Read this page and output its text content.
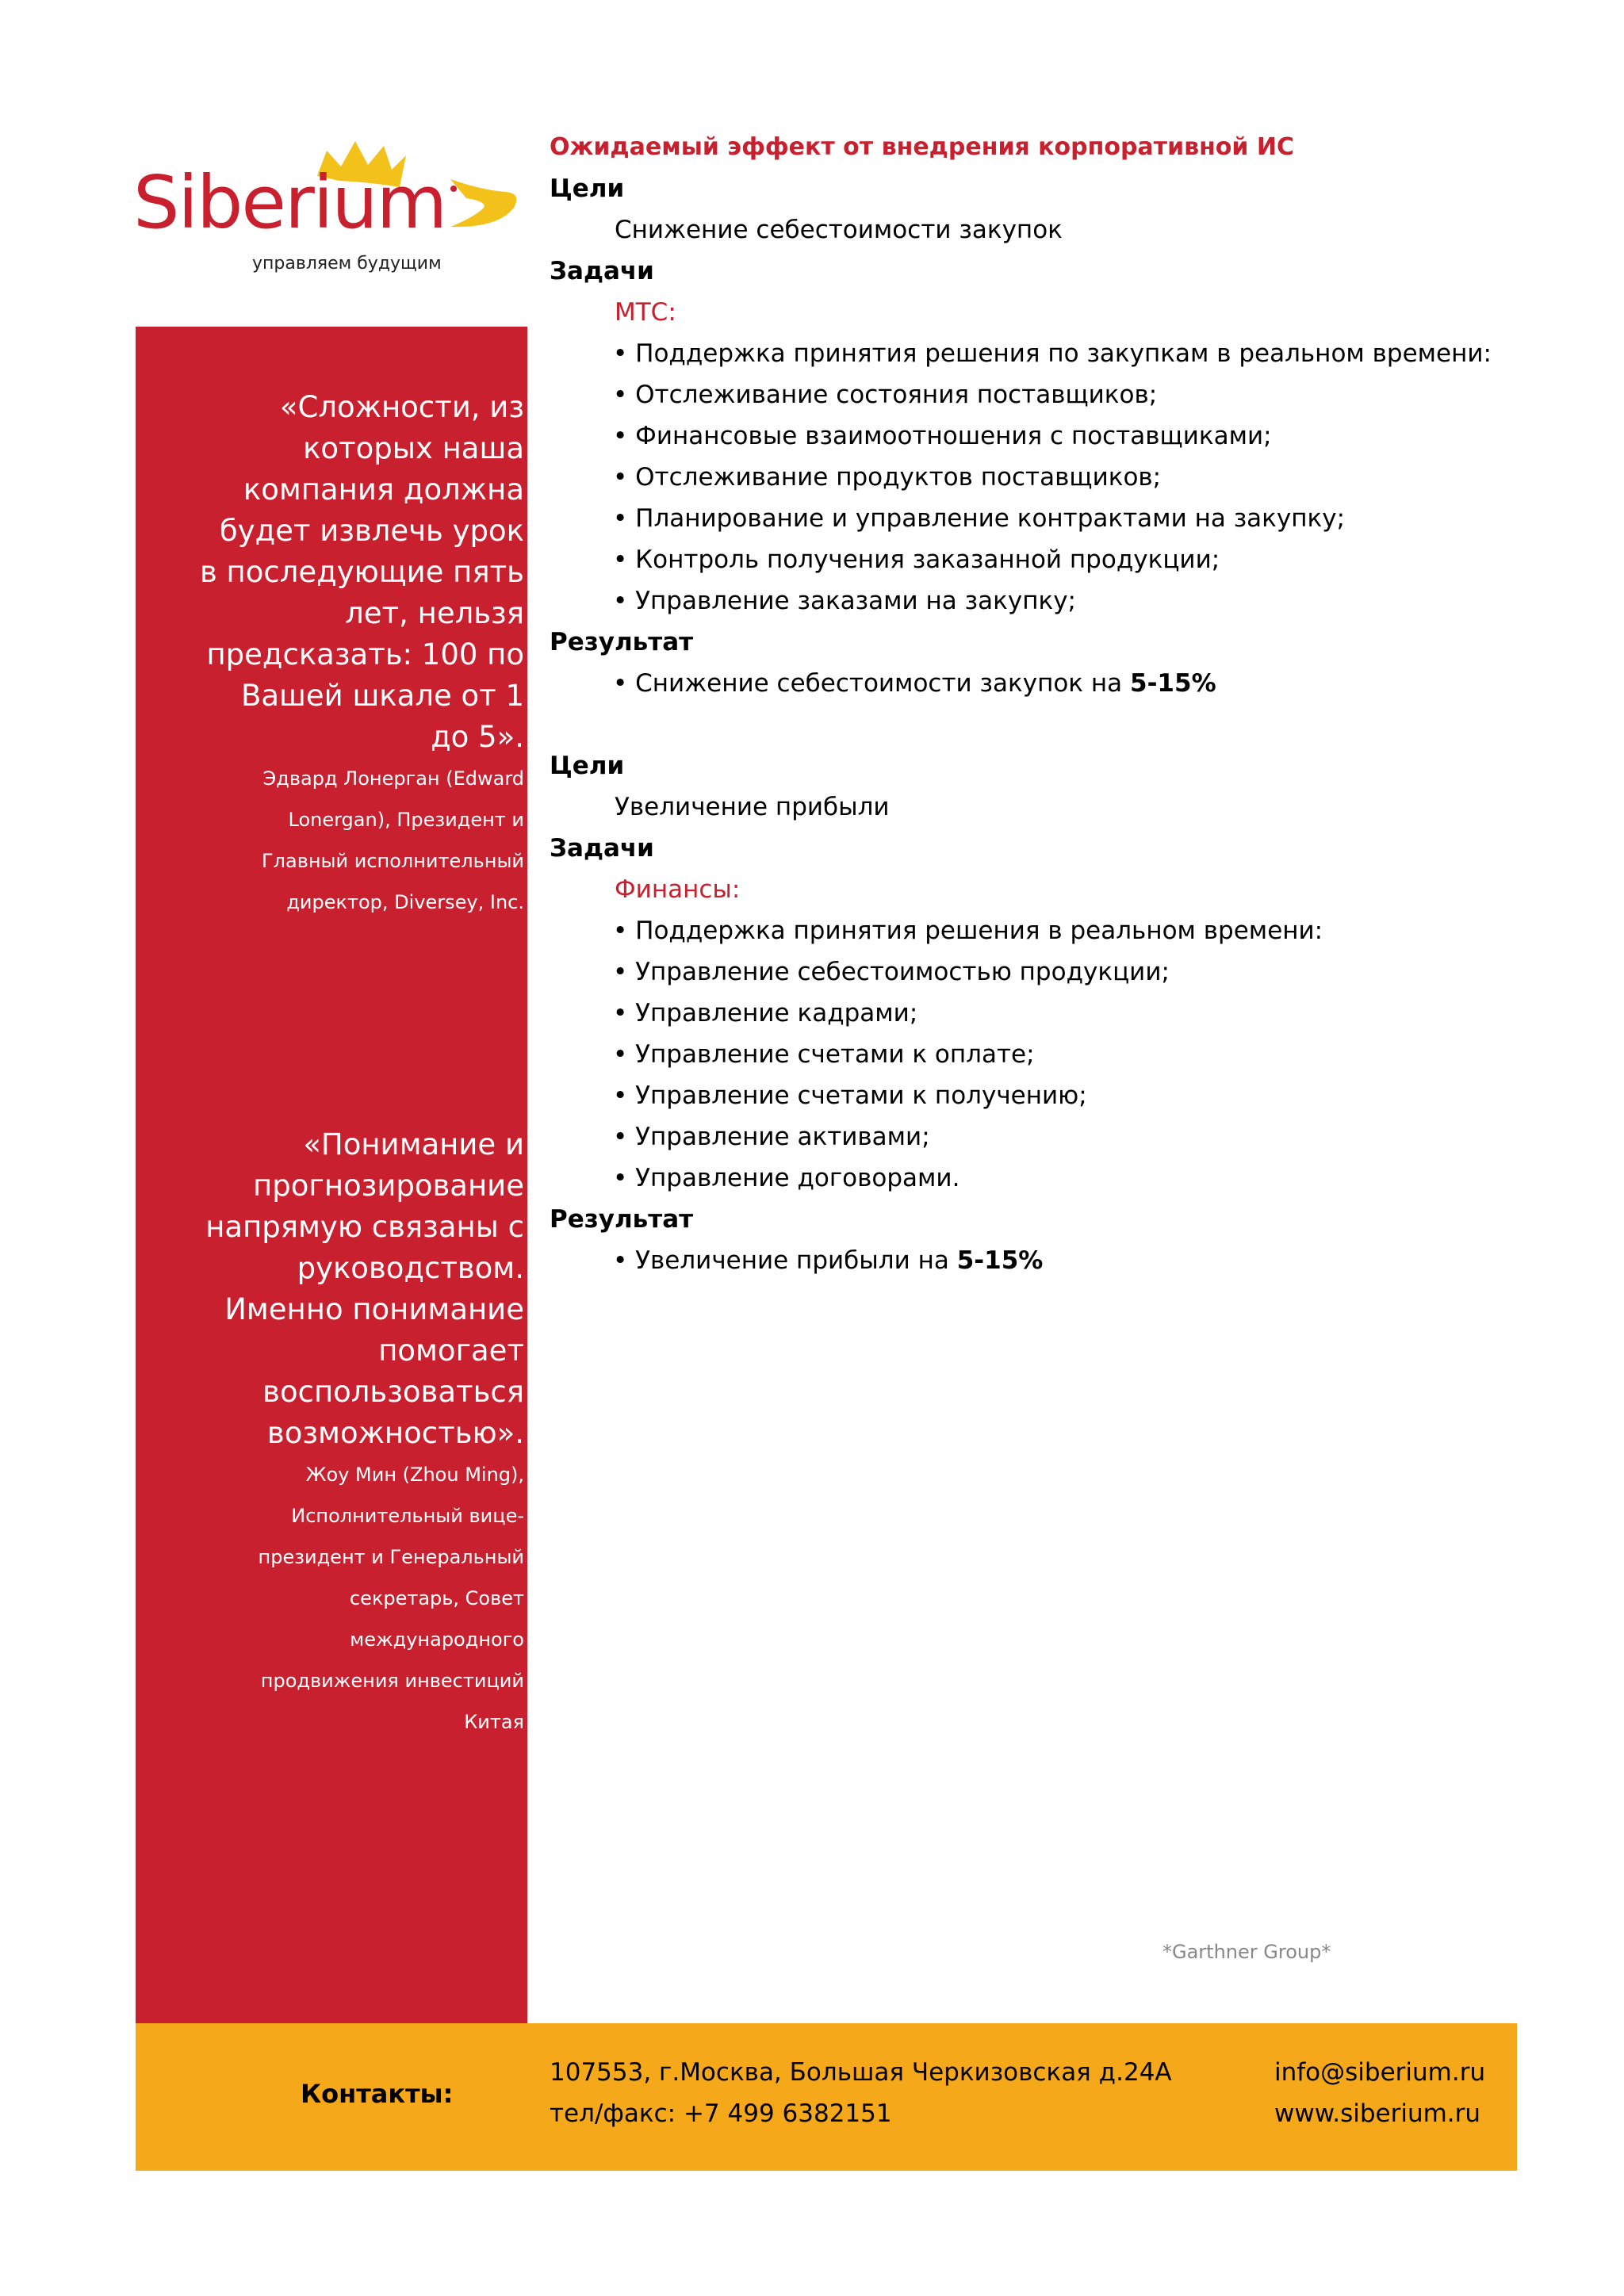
Siberium
управляем будущим
«Сложности, из
которых наша
компания должна
будет извлечь урок
в последующие пять
лет, нельзя
предсказать: 100 по
Вашей шкале от 1
до 5».
Эдвард Лонерган (Edward
Lonergan), Президент и
Главный исполнительный
директор, Diversey, Inc.
«Понимание и
прогнозирование
напрямую связаны с
руководством.
Именно понимание
помогает
воспользоваться
возможностью».
Жоу Мин (Zhou Ming),
Исполнительный вице-
президент и Генеральный
секретарь, Совет
международного
продвижения инвестиций
Китая
Ожидаемый эффект от внедрения корпоративной ИС
Цели
Снижение себестоимости закупок
Задачи
МТС:
• Поддержка принятия решения по закупкам в реальном времени:
• Отслеживание состояния поставщиков;
• Финансовые взаимоотношения с поставщиками;
• Отслеживание продуктов поставщиков;
• Планирование и управление контрактами на закупку;
• Контроль получения заказанной продукции;
• Управление заказами на закупку;
Результат
• Снижение себестоимости закупок на 5-15%
Цели
Увеличение прибыли
Задачи
Финансы:
• Поддержка принятия решения в реальном времени:
• Управление себестоимостью продукции;
• Управление кадрами;
• Управление счетами к оплате;
• Управление счетами к получению;
• Управление активами;
• Управление договорами.
Результат
• Увеличение прибыли на 5-15%
*Garthner Group*
Контакты:
107553, г.Москва, Большая Черкизовская д.24А
тел/факс: +7 499 6382151
info@siberium.ru
www.siberium.ru
